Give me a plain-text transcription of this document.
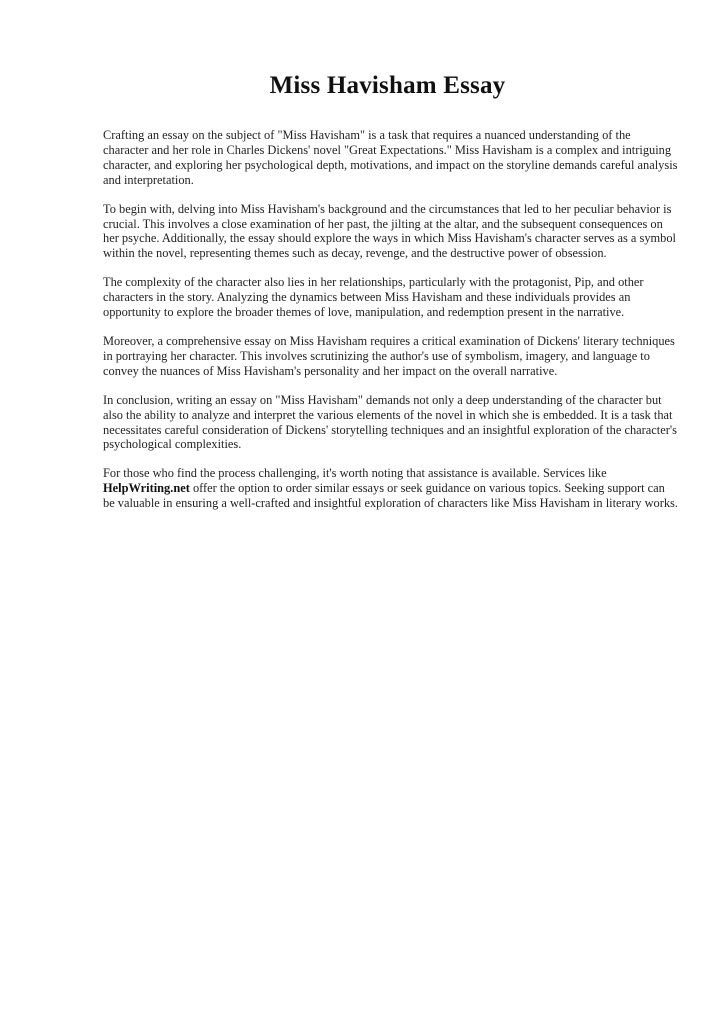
Miss Havisham Essay

Crafting an essay on the subject of "Miss Havisham" is a task that requires a nuanced understanding of the character and her role in Charles Dickens' novel "Great Expectations." Miss Havisham is a complex and intriguing character, and exploring her psychological depth, motivations, and impact on the storyline demands careful analysis and interpretation.

To begin with, delving into Miss Havisham's background and the circumstances that led to her peculiar behavior is crucial. This involves a close examination of her past, the jilting at the altar, and the subsequent consequences on her psyche. Additionally, the essay should explore the ways in which Miss Havisham's character serves as a symbol within the novel, representing themes such as decay, revenge, and the destructive power of obsession.

The complexity of the character also lies in her relationships, particularly with the protagonist, Pip, and other characters in the story. Analyzing the dynamics between Miss Havisham and these individuals provides an opportunity to explore the broader themes of love, manipulation, and redemption present in the narrative.

Moreover, a comprehensive essay on Miss Havisham requires a critical examination of Dickens' literary techniques in portraying her character. This involves scrutinizing the author's use of symbolism, imagery, and language to convey the nuances of Miss Havisham's personality and her impact on the overall narrative.

In conclusion, writing an essay on "Miss Havisham" demands not only a deep understanding of the character but also the ability to analyze and interpret the various elements of the novel in which she is embedded. It is a task that necessitates careful consideration of Dickens' storytelling techniques and an insightful exploration of the character's psychological complexities.

For those who find the process challenging, it's worth noting that assistance is available. Services like HelpWriting.net offer the option to order similar essays or seek guidance on various topics. Seeking support can be valuable in ensuring a well-crafted and insightful exploration of characters like Miss Havisham in literary works.
